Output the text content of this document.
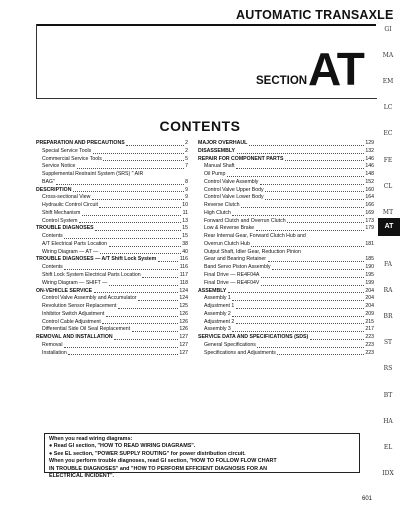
AUTOMATIC TRANSAXLE
SECTION AT
CONTENTS
PREPARATION AND PRECAUTIONS	2
Special Service Tools	2
Commercial Service Tools	5
Service Notice	7
Supplemental Restraint System (SRS) " AIR
BAG"	8
DESCRIPTION	9
Cross-sectional View	9
Hydraulic Control Circuit	10
Shift Mechanism	11
Control System	13
TROUBLE DIAGNOSES	15
Contents	15
A/T Electrical Parts Location	38
Wiring Diagram — AT —	40
TROUBLE DIAGNOSES — A/T Shift Lock System	116
Contents	116
Shift Lock System Electrical Parts Location	117
Wiring Diagram — SHIFT —	118
ON-VEHICLE SERVICE	124
Control Valve Assembly and Accumulator	124
Revolution Sensor Replacement	125
Inhibitor Switch Adjustment	126
Control Cable Adjustment	126
Differential Side Oil Seal Replacement	126
REMOVAL AND INSTALLATION	127
Removal	127
Installation	127
MAJOR OVERHAUL	129
DISASSEMBLY	132
REPAIR FOR COMPONENT PARTS	146
Manual Shaft	146
Oil Pump	148
Control Valve Assembly	152
Control Valve Upper Body	160
Control Valve Lower Body	164
Reverse Clutch	166
High Clutch	169
Forward Clutch and Overrun Clutch	173
Low & Reverse Brake	179
Rear Internal Gear, Forward Clutch Hub and
Overrun Clutch Hub	181
Output Shaft, Idler Gear, Reduction Pinion
Gear and Bearing Retainer	185
Band Servo Piston Assembly	190
Final Drive — RE4F04A	195
Final Drive — RE4F04V	199
ASSEMBLY	204
Assembly 1	204
Adjustment 1	204
Assembly 2	209
Adjustment 2	215
Assembly 3	217
SERVICE DATA AND SPECIFICATIONS (SDS)	223
General Specifications	223
Specifications and Adjustments	223
When you read wiring diagrams:
● Read GI section, "HOW TO READ WIRING DIAGRAMS".
● See EL section, "POWER SUPPLY ROUTING" for power distribution circuit.
When you perform trouble diagnoses, read GI section, "HOW TO FOLLOW FLOW CHART
IN TROUBLE DIAGNOSES" and "HOW TO PERFORM EFFICIENT DIAGNOSIS FOR AN
ELECTRICAL INCIDENT".
GI
MA
EM
LC
EC
FE
CL
MT
FA
RA
BR
ST
RS
BT
HA
EL
IDX
AT
601
